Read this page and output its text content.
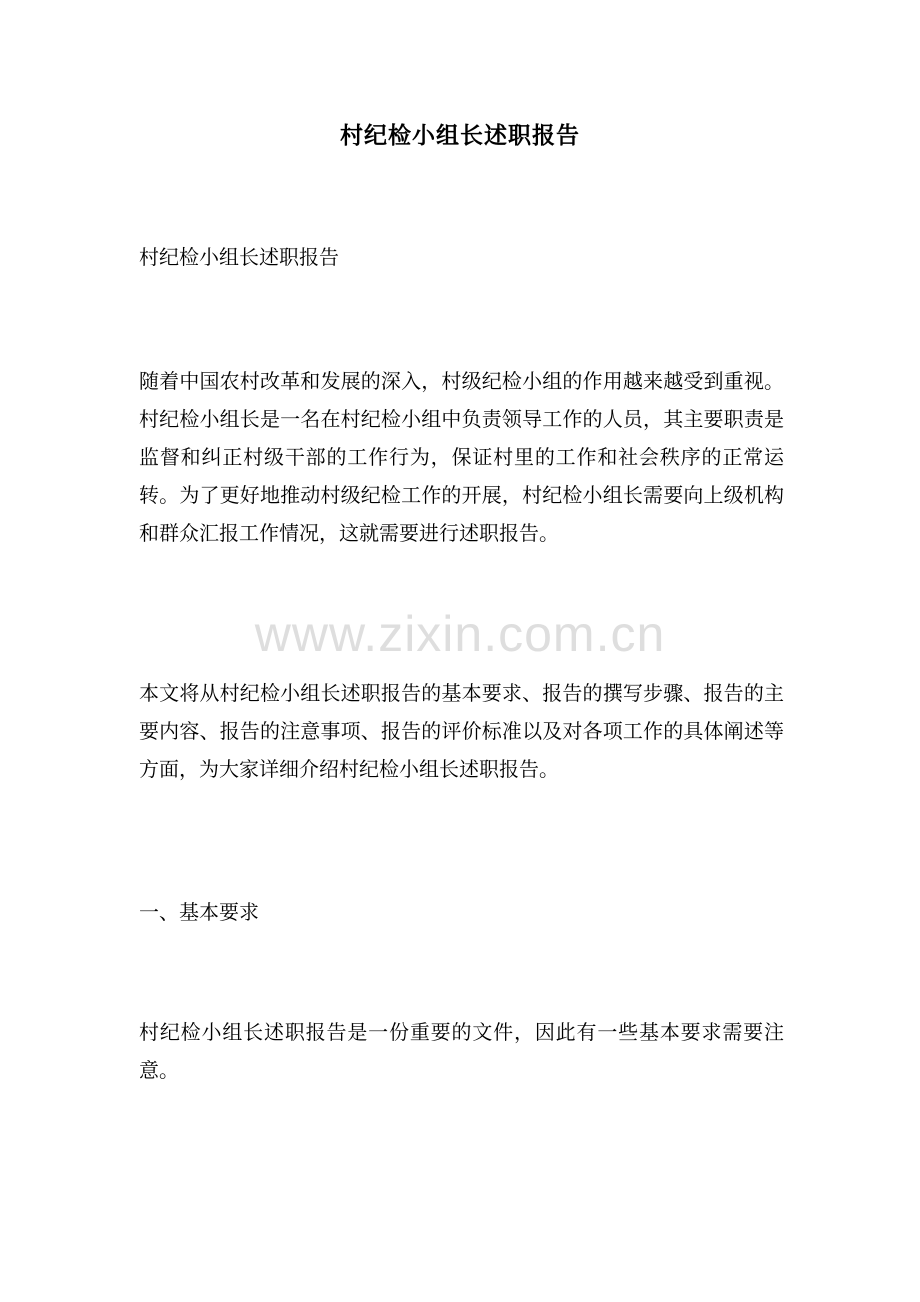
村纪检小组长述职报告

村纪检小组长述职报告

随着中国农村改革和发展的深入，村级纪检小组的作用越来越受到重视。村纪检小组长是一名在村纪检小组中负责领导工作的人员，其主要职责是监督和纠正村级干部的工作行为，保证村里的工作和社会秩序的正常运转。为了更好地推动村级纪检工作的开展，村纪检小组长需要向上级机构和群众汇报工作情况，这就需要进行述职报告。

www.zixin.com.cn

本文将从村纪检小组长述职报告的基本要求、报告的撰写步骤、报告的主要内容、报告的注意事项、报告的评价标准以及对各项工作的具体阐述等方面，为大家详细介绍村纪检小组长述职报告。

一、基本要求

村纪检小组长述职报告是一份重要的文件，因此有一些基本要求需要注意。
